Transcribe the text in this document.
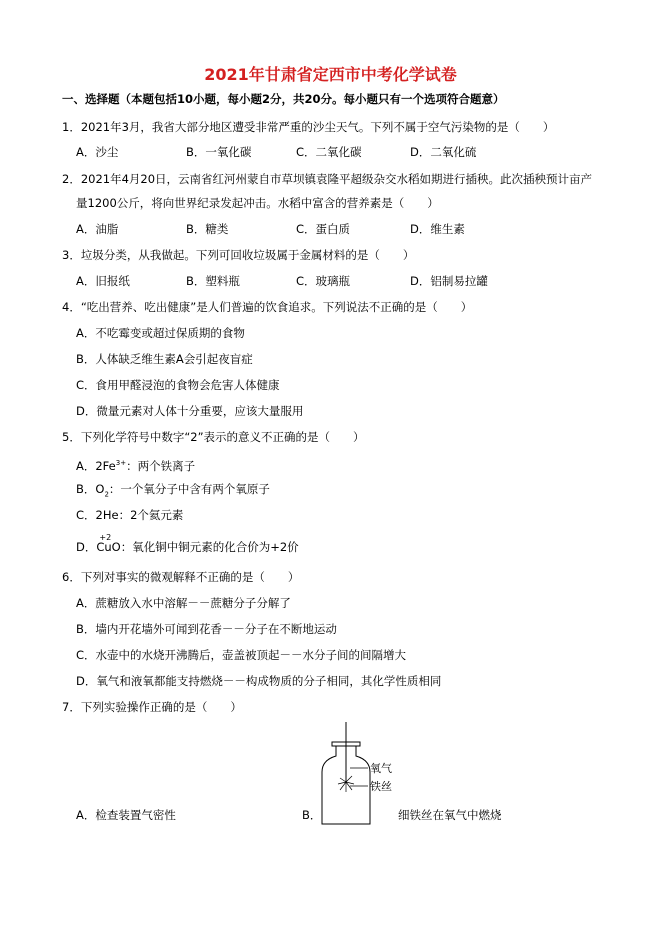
2021年甘肃省定西市中考化学试卷
一、选择题（本题包括10小题，每小题2分，共20分。每小题只有一个选项符合题意）
1．2021年3月，我省大部分地区遭受非常严重的沙尘天气。下列不属于空气污染物的是（　　）
A．沙尘	B．一氧化碳	C．二氧化碳	D．二氧化硫
2．2021年4月20日，云南省红河州蒙自市草坝镇袁隆平超级杂交水稻如期进行插秧。此次插秧预计亩产
量1200公斤，将向世界纪录发起冲击。水稻中富含的营养素是（　　）
A．油脂	B．糖类	C．蛋白质	D．维生素
3．垃圾分类，从我做起。下列可回收垃圾属于金属材料的是（　　）
A．旧报纸	B．塑料瓶	C．玻璃瓶	D．铝制易拉罐
4．“吃出营养、吃出健康”是人们普遍的饮食追求。下列说法不正确的是（　　）
A．不吃霉变或超过保质期的食物
B．人体缺乏维生素A会引起夜盲症
C．食用甲醛浸泡的食物会危害人体健康
D．微量元素对人体十分重要，应该大量服用
5．下列化学符号中数字“2”表示的意义不正确的是（　　）
A．$2Fe^{3+}$：两个铁离子
B．$O_2$：一个氧分子中含有两个氧原子
C．2He：2个氦元素
D．
+2
CuO：氧化铜中铜元素的化合价为+2价
6．下列对事实的微观解释不正确的是（　　）
A．蔗糖放入水中溶解－－蔗糖分子分解了
B．墙内开花墙外可闻到花香－－分子在不断地运动
C．水壶中的水烧开沸腾后，壶盖被顶起－－水分子间的间隔增大
D．氧气和液氧都能支持燃烧－－构成物质的分子相同，其化学性质相同
7．下列实验操作正确的是（　　）
氧气
铁丝
A．检查装置气密性	B．	细铁丝在氧气中燃烧
